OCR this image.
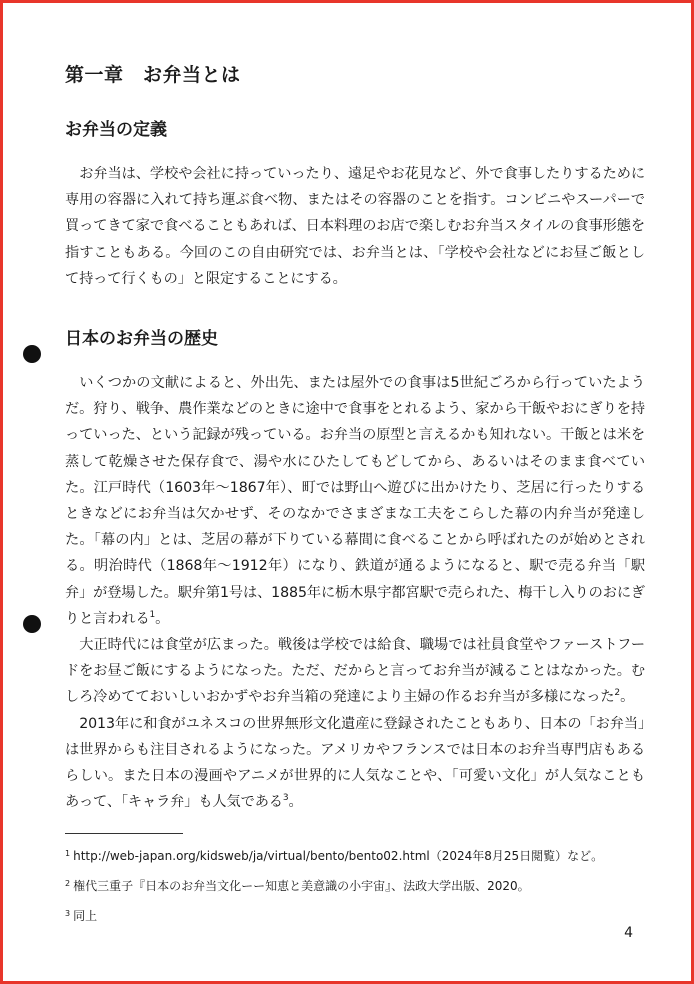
第一章　お弁当とは
お弁当の定義

お弁当は、学校や会社に持っていったり、遠足やお花見など、外で食事したりするために専用の容器に入れて持ち運ぶ食べ物、またはその容器のことを指す。コンビニやスーパーで買ってきて家で食べることもあれば、日本料理のお店で楽しむお弁当スタイルの食事形態を指すこともある。今回のこの自由研究では、お弁当とは、「学校や会社などにお昼ご飯として持って行くもの」と限定することにする。

日本のお弁当の歴史

いくつかの文献によると、外出先、または屋外での食事は5世紀ごろから行っていたようだ。狩り、戦争、農作業などのときに途中で食事をとれるよう、家から干飯やおにぎりを持っていった、という記録が残っている。お弁当の原型と言えるかも知れない。干飯とは米を蒸して乾燥させた保存食で、湯や水にひたしてもどしてから、あるいはそのまま食べていた。江戸時代（1603年〜1867年）、町では野山へ遊びに出かけたり、芝居に行ったりするときなどにお弁当は欠かせず、そのなかでさまざまな工夫をこらした幕の内弁当が発達した。「幕の内」とは、芝居の幕が下りている幕間に食べることから呼ばれたのが始めとされる。明治時代（1868年〜1912年）になり、鉄道が通るようになると、駅で売る弁当「駅弁」が登場した。駅弁第1号は、1885年に栃木県宇都宮駅で売られた、梅干し入りのおにぎりと言われる$^1$。

大正時代には食堂が広まった。戦後は学校では給食、職場では社員食堂やファーストフードをお昼ご飯にするようになった。ただ、だからと言ってお弁当が減ることはなかった。むしろ冷めてておいしいおかずやお弁当箱の発達により主婦の作るお弁当が多様になった$^2$。

2013年に和食がユネスコの世界無形文化遺産に登録されたこともあり、日本の「お弁当」は世界からも注目されるようになった。アメリカやフランスでは日本のお弁当専門店もあるらしい。また日本の漫画やアニメが世界的に人気なことや、「可愛い文化」が人気なこともあって、「キャラ弁」も人気である$^3$。

$^1$ http://web-japan.org/kidsweb/ja/virtual/bento/bento02.html（2024年8月25日閲覧）など。

$^2$ 権代三重子『日本のお弁当文化ーー知恵と美意識の小宇宙』、法政大学出版、2020。

$^3$ 同上

4
